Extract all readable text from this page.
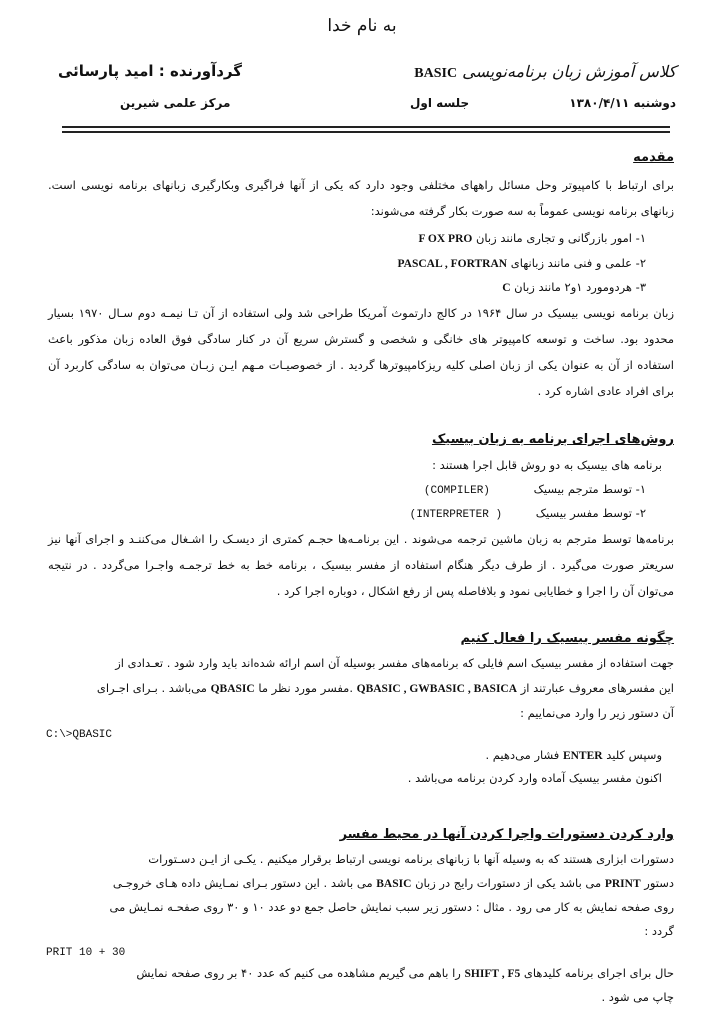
به نام خدا
کلاس آموزش زبان برنامه‌نویسی BASIC
گردآورنده : امید پارسائی
دوشنبه ۱۳۸۰/۴/۱۱
جلسه اول
مرکز علمی شیرین
مقدمه
برای ارتباط با کامپیوتر وحل مسائل راههای مختلفی وجود دارد که یکی از آنها فراگیری وبکارگیری زبانهای برنامه نویسی است. زبانهای برنامه نویسی عموماً به سه صورت بکار گرفته می‌شوند:
۱- امور بازرگانی و تجاری مانند زبان F OX PRO
۲- علمی و فنی مانند زبانهای PASCAL , FORTRAN
۳- هردومورد ۱و۲ مانند زبان C
زبان برنامه نویسی بیسیک در سال ۱۹۶۴ در کالج دارتموث آمریکا طراحی شد ولی استفاده از آن تـا نیمـه دوم سـال ۱۹۷۰ بسیار محدود بود. ساخت و توسعه کامپیوتر های خانگی و شخصی و گسترش سریع آن در کنار سادگی فوق العاده زبان مذکور باعث استفاده از آن به عنوان یکی از زبان اصلی کلیه ریزکامپیوترها گردید . از خصوصیـات مـهم ایـن زبـان می‌توان به سادگی کاربرد آن برای افراد عادی اشاره کرد .
روش‌های اجرای برنامه به زبان بیسیک
برنامه های بیسیک به دو روش قابل اجرا هستند :
۱- توسط مترجم بیسیک (COMPILER)
۲- توسط مفسر بیسیک ( INTERPRETER)
برنامه‌ها توسط مترجم به زبان ماشین ترجمه می‌شوند . این برنامـه‌ها حجـم کمتری از دیسـک را اشـغال می‌کننـد و اجرای آنها نیز سریعتر صورت می‌گیرد . از طرف دیگر هنگام استفاده از مفسر بیسیک ، برنامه خط به خط ترجمـه واجـرا می‌گردد . در نتیجه می‌توان آن را اجرا و خطایابی نمود و بلافاصله پس از رفع اشکال ، دوباره اجرا کرد .
چگونه مفسر بیسیک را فعال کنیم
جهت استفاده از مفسر بیسیک اسم فایلی که برنامه‌های مفسر بوسیله آن اسم ارائه شده‌اند باید وارد شود . تعـدادی از
این مفسرهای معروف عبارتند از QBASIC , GWBASIC , BASICA .مفسر مورد نظر ما QBASIC می‌باشد . بـرای اجـرای
آن دستور زیر را وارد می‌نماییم :
C:\>QBASIC
وسپس کلید ENTER فشار می‌دهیم .
اکنون مفسر بیسیک آماده وارد کردن برنامه می‌باشد .
وارد کردن دستورات واجرا کردن آنها در محیط مفسر
دستورات ابزاری هستند که به وسیله آنها با زبانهای برنامه نویسی ارتباط برقرار میکنیم . یکـی از ایـن دسـتورات
دستور PRINT می باشد یکی از دستورات رایج در زبان BASIC می باشد . این دستور بـرای نمـایش داده هـای خروجـی
روی صفحه نمایش به کار می رود . مثال : دستور زیر سبب نمایش حاصل جمع دو عدد ۱۰ و ۳۰ روی صفحـه نمـایش می
گردد :
PRIT 10 + 30
حال برای اجرای برنامه کلیدهای SHIFT , F5 را باهم می گیریم مشاهده می کنیم که عدد ۴۰ بر روی صفحه نمایش
چاپ می شود .
